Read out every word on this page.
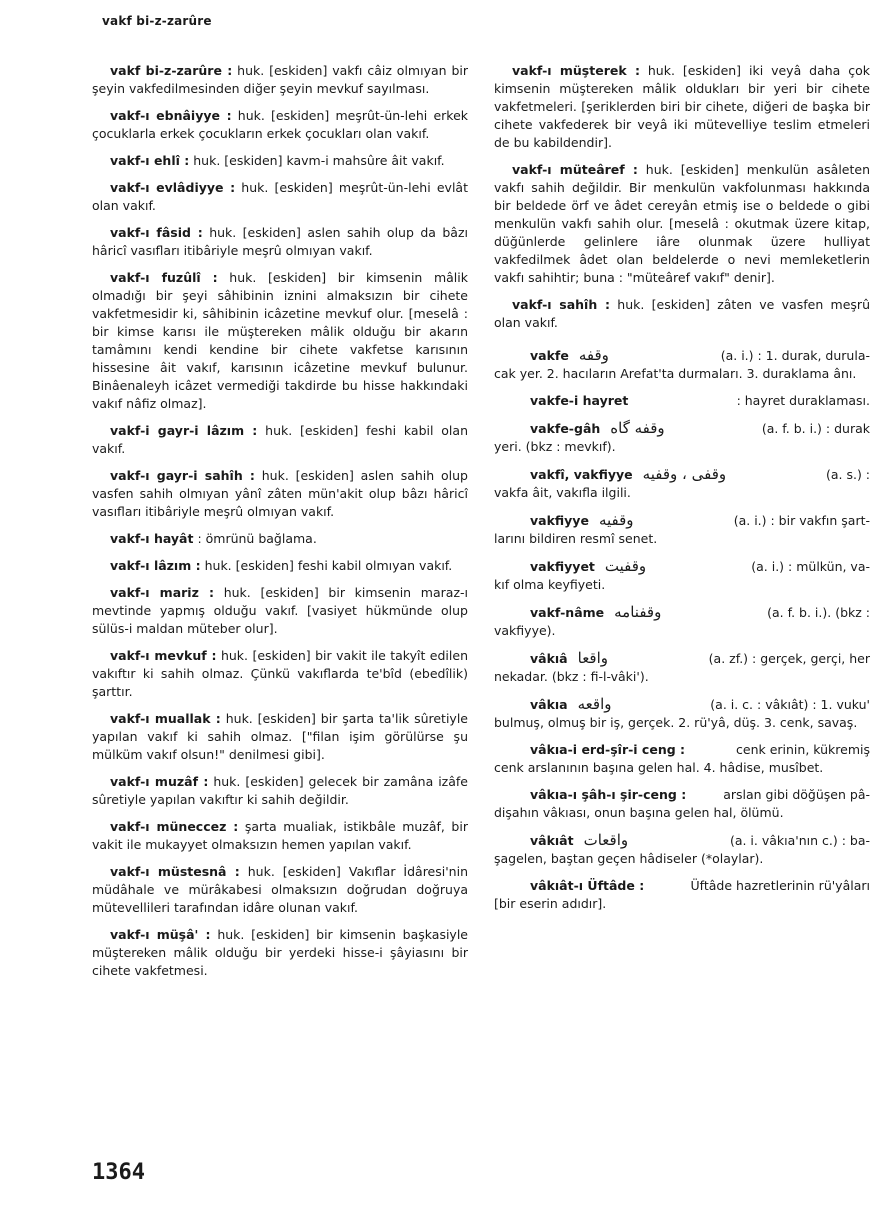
vakf bi-z-zarûre
vakf bi-z-zarûre : huk. [eskiden] vakfı câiz olmıyan bir şeyin vakfedilmesinden diğer şeyin mevkuf sayılması.
vakf-ı ebnâiyye : huk. [eskiden] meşrût-ün-lehi erkek çocuklarla erkek çocukların erkek çocukları olan vakıf.
vakf-ı ehlî : huk. [eskiden] kavm-i mahsûre âit vakıf.
vakf-ı evlâdiyye : huk. [eskiden] meşrût-ün-lehi evlât olan vakıf.
vakf-ı fâsid : huk. [eskiden] aslen sahih olup da bâzı hâricî vasıfları itibâriyle meşrû olmıyan vakıf.
vakf-ı fuzûlî : huk. [eskiden] bir kimsenin mâlik olmadığı bir şeyi sâhibinin iznini almaksızın bir cihete vakfetmesidir ki, sâhibinin icâzetine mevkuf olur. [meselâ : bir kimse karısı ile müştereken mâlik olduğu bir akarın tamâmını kendi kendine bir cihete vakfetse karısının hissesine âit vakıf, karısının icâzetine mevkuf bulunur. Binâenaleyh icâzet vermediği takdirde bu hisse hakkındaki vakıf nâfiz olmaz].
vakf-i gayr-i lâzım : huk. [eskiden] feshi kabil olan vakıf.
vakf-ı gayr-i sahîh : huk. [eskiden] aslen sahih olup vasfen sahih olmıyan yânî zâten mün'akit olup bâzı hâricî vasıfları itibâriyle meşrû olmıyan vakıf.
vakf-ı hayât : ömrünü bağlama.
vakf-ı lâzım : huk. [eskiden] feshi kabil olmıyan vakıf.
vakf-ı mariz : huk. [eskiden] bir kimsenin maraz-ı mevtinde yapmış olduğu vakıf. [vasiyet hükmünde olup sülüs-i maldan müteber olur].
vakf-ı mevkuf : huk. [eskiden] bir vakit ile takyît edilen vakıftır ki sahih olmaz. Çünkü vakıflarda te'bîd (ebedîlik) şarttır.
vakf-ı muallak : huk. [eskiden] bir şarta ta'lik sûretiyle yapılan vakıf ki sahih olmaz. ["filan işim görülürse şu mülküm vakıf olsun!" denilmesi gibi].
vakf-ı muzâf : huk. [eskiden] gelecek bir zamâna izâfe sûretiyle yapılan vakıftır ki sahih değildir.
vakf-ı müneccez : şarta mualiak, istikbâle muzâf, bir vakit ile mukayyet olmaksızın hemen yapılan vakıf.
vakf-ı müstesnâ : huk. [eskiden] Vakıflar İdâresi'nin müdâhale ve mürâkabesi olmaksızın doğrudan doğruya mütevellileri tarafından idâre olunan vakıf.
vakf-ı müşâ' : huk. [eskiden] bir kimsenin başkasiyle müştereken mâlik olduğu bir yerdeki hisse-i şâyiasını bir cihete vakfetmesi.
vakf-ı müşterek : huk. [eskiden] iki veyâ daha çok kimsenin müştereken mâlik oldukları bir yeri bir cihete vakfetmeleri. [şeriklerden biri bir cihete, diğeri de başka bir cihete vakfederek bir veyâ iki mütevelliye teslim etmeleri de bu kabildendir].
vakf-ı müteâref : huk. [eskiden] menkulün asâleten vakfı sahih değildir. Bir menkulün vakfolunması hakkında bir beldede örf ve âdet cereyân etmiş ise o beldede o gibi menkulün vakfı sahih olur. [meselâ : okutmak üzere kitap, düğünlerde gelinlere iâre olunmak üzere hulliyat vakfedilmek âdet olan beldelerde o nevi memleketlerin vakfı sahihtir; buna : "müteâref vakıf" denir].
vakf-ı sahîh : huk. [eskiden] zâten ve vasfen meşrû olan vakıf.
vakfe وقفه	(a. i.) : 1. durak, durula-
cak yer. 2. hacıların Arefat'ta durmaları. 3. duraklama ânı.
vakfe-i hayret	: hayret duraklaması.
vakfe-gâh وقفه گاه	(a. f. b. i.) : durak
yeri. (bkz : mevkıf).
vakfî, vakfiyye وقفی ، وقفیه	(a. s.) :
vakfa âit, vakıfla ilgili.
vakfiyye وقفیه	(a. i.) : bir vakfın şart-
larını bildiren resmî senet.
vakfiyyet وقفیت	(a. i.) : mülkün, va-
kıf olma keyfiyeti.
vakf-nâme وقفنامه	(a. f. b. i.). (bkz :
vakfiyye).
vâkıâ واقعا	(a. zf.) : gerçek, gerçi, her
nekadar. (bkz : fi-l-vâki').
vâkıa واقعه	(a. i. c. : vâkıât) : 1. vuku'
bulmuş, olmuş bir iş, gerçek. 2. rü'yâ, düş. 3. cenk, savaş.
vâkıa-i erd-şîr-i ceng :	cenk erinin, kükremiş
cenk arslanının başına gelen hal. 4. hâdise, musîbet.
vâkıa-ı şâh-ı şir-ceng :	arslan gibi döğüşen pâ-
dişahın vâkıası, onun başına gelen hal, ölümü.
vâkıât واقعات	(a. i. vâkıa'nın c.) : ba-
şagelen, baştan geçen hâdiseler (*olaylar).
vâkıât-ı Üftâde :	Üftâde hazretlerinin rü'yâları
[bir eserin adıdır].
1364
